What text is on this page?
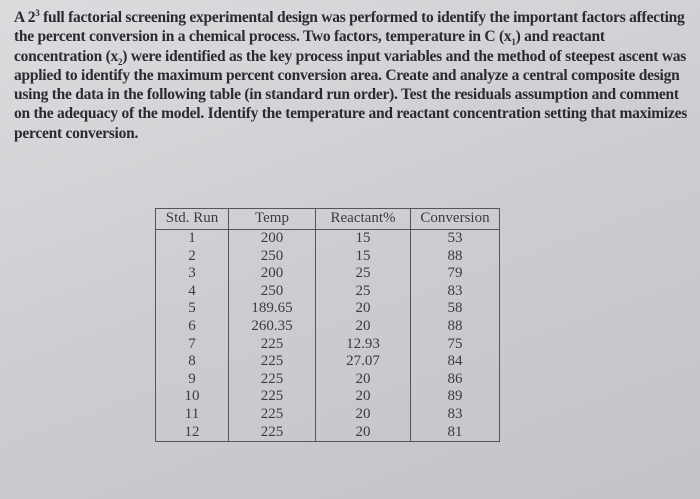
A $2^3$ full factorial screening experimental design was performed to identify the important factors affecting the percent conversion in a chemical process. Two factors, temperature in C $(x_1)$ and reactant concentration $(x_2)$ were identified as the key process input variables and the method of steepest ascent was applied to identify the maximum percent conversion area. Create and analyze a central composite design using the data in the following table (in standard run order). Test the residuals assumption and comment on the adequacy of the model. Identify the temperature and reactant concentration setting that maximizes percent conversion.

Std. Run	Temp	Reactant%	Conversion
1	200	15	53
2	250	15	88
3	200	25	79
4	250	25	83
5	189.65	20	58
6	260.35	20	88
7	225	12.93	75
8	225	27.07	84
9	225	20	86
10	225	20	89
11	225	20	83
12	225	20	81
